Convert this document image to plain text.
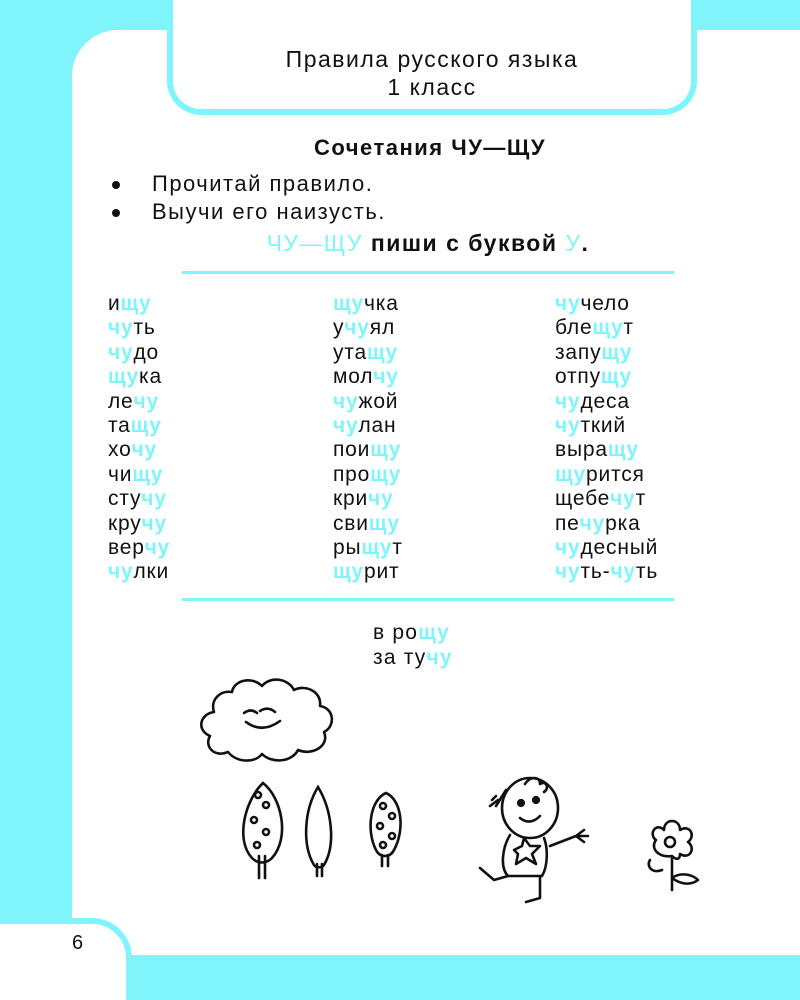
Правила русского языка
1 класс
Сочетания ЧУ—ЩУ
Прочитай правило.
Выучи его наизусть.
ЧУ—ЩУ пиши с буквой У.
ищу
чуть
чудо
щука
лечу
тащу
хочу
чищу
стучу
кручу
верчу
чулки
щучка
учуял
утащу
молчу
чужой
чулан
поищу
прощу
кричу
свищу
рыщут
щурит
чучело
блещут
запущу
отпущу
чудеса
чуткий
выращу
щурится
щебечут
печурка
чудесный
чуть-чуть
в рощу
за тучу
6
